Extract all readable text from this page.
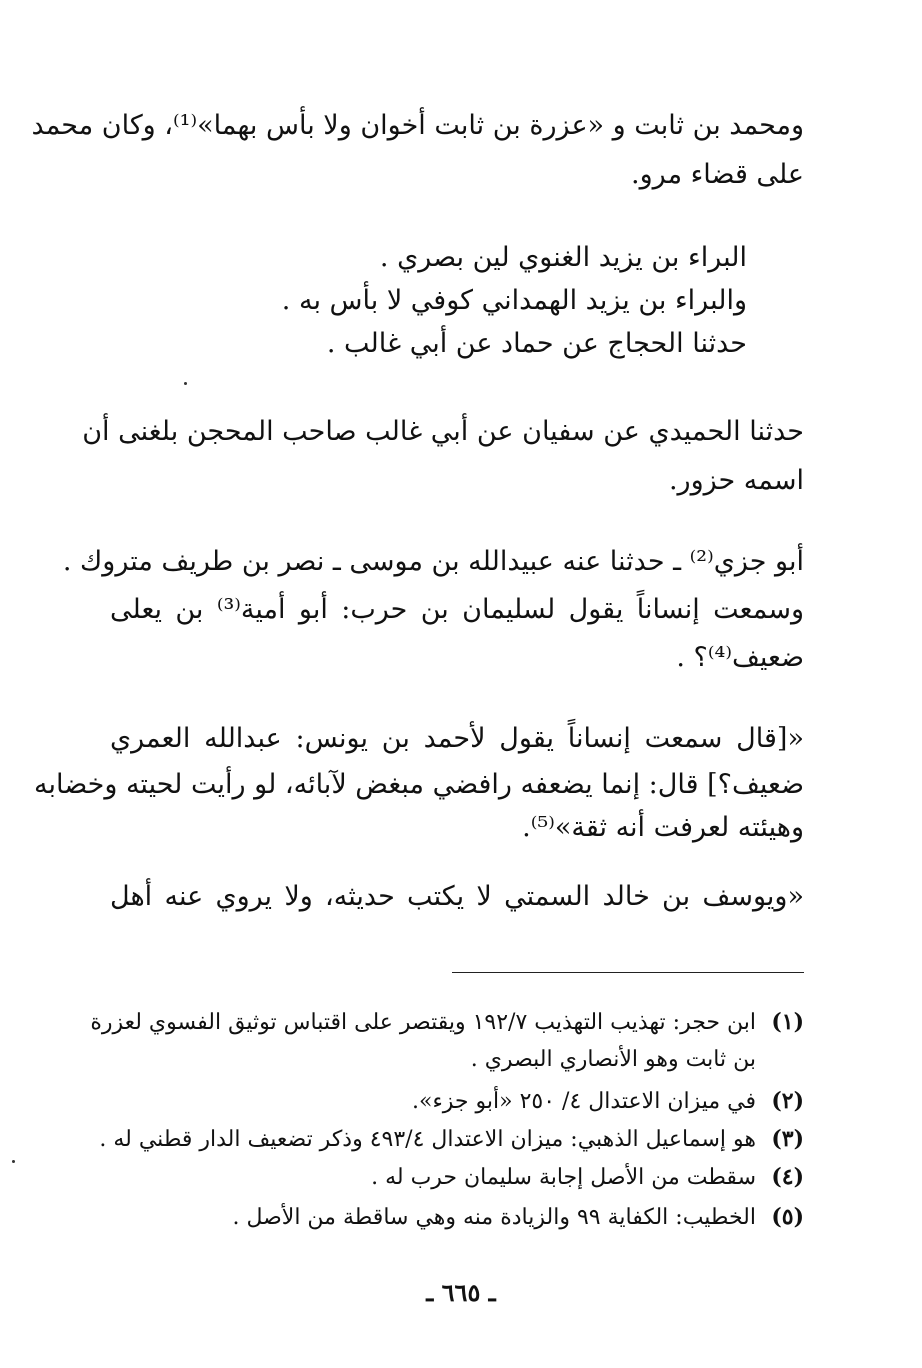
ومحمد بن ثابت و «عزرة بن ثابت أخوان ولا بأس بهما»⁽¹⁾، وكان محمد
على قضاء مرو.
البراء بن يزيد الغنوي لين بصري .
والبراء بن يزيد الهمداني كوفي لا بأس به .
حدثنا الحجاج عن حماد عن أبي غالب .
حدثنا الحميدي عن سفيان عن أبي غالب صاحب المحجن بلغنى أن
اسمه حزور.
أبو جزي⁽²⁾ ـ حدثنا عنه عبيدالله بن موسى ـ نصر بن طريف متروك .
وسمعت إنساناً يقول لسليمان بن حرب: أبو أمية⁽³⁾ بن يعلى
ضعيف⁽⁴⁾؟ .
«[قال سمعت إنساناً يقول لأحمد بن يونس: عبدالله العمري
ضعيف؟] قال: إنما يضعفه رافضي مبغض لآبائه، لو رأيت لحيته وخضابه
وهيئته لعرفت أنه ثقة»⁽⁵⁾.
«ويوسف بن خالد السمتي لا يكتب حديثه، ولا يروي عنه أهل
(١)ابن حجر: تهذيب التهذيب ١٩٢/٧ ويقتصر على اقتباس توثيق الفسوي لعزرة
بن ثابت وهو الأنصاري البصري .
(٢)في ميزان الاعتدال ٤/ ٢٥٠ «أبو جزء».
(٣)هو إسماعيل الذهبي: ميزان الاعتدال ٤٩٣/٤ وذكر تضعيف الدار قطني له .
(٤)سقطت من الأصل إجابة سليمان حرب له .
(٥)الخطيب: الكفاية ٩٩ والزيادة منه وهي ساقطة من الأصل .
ـ ٦٦٥ ـ
